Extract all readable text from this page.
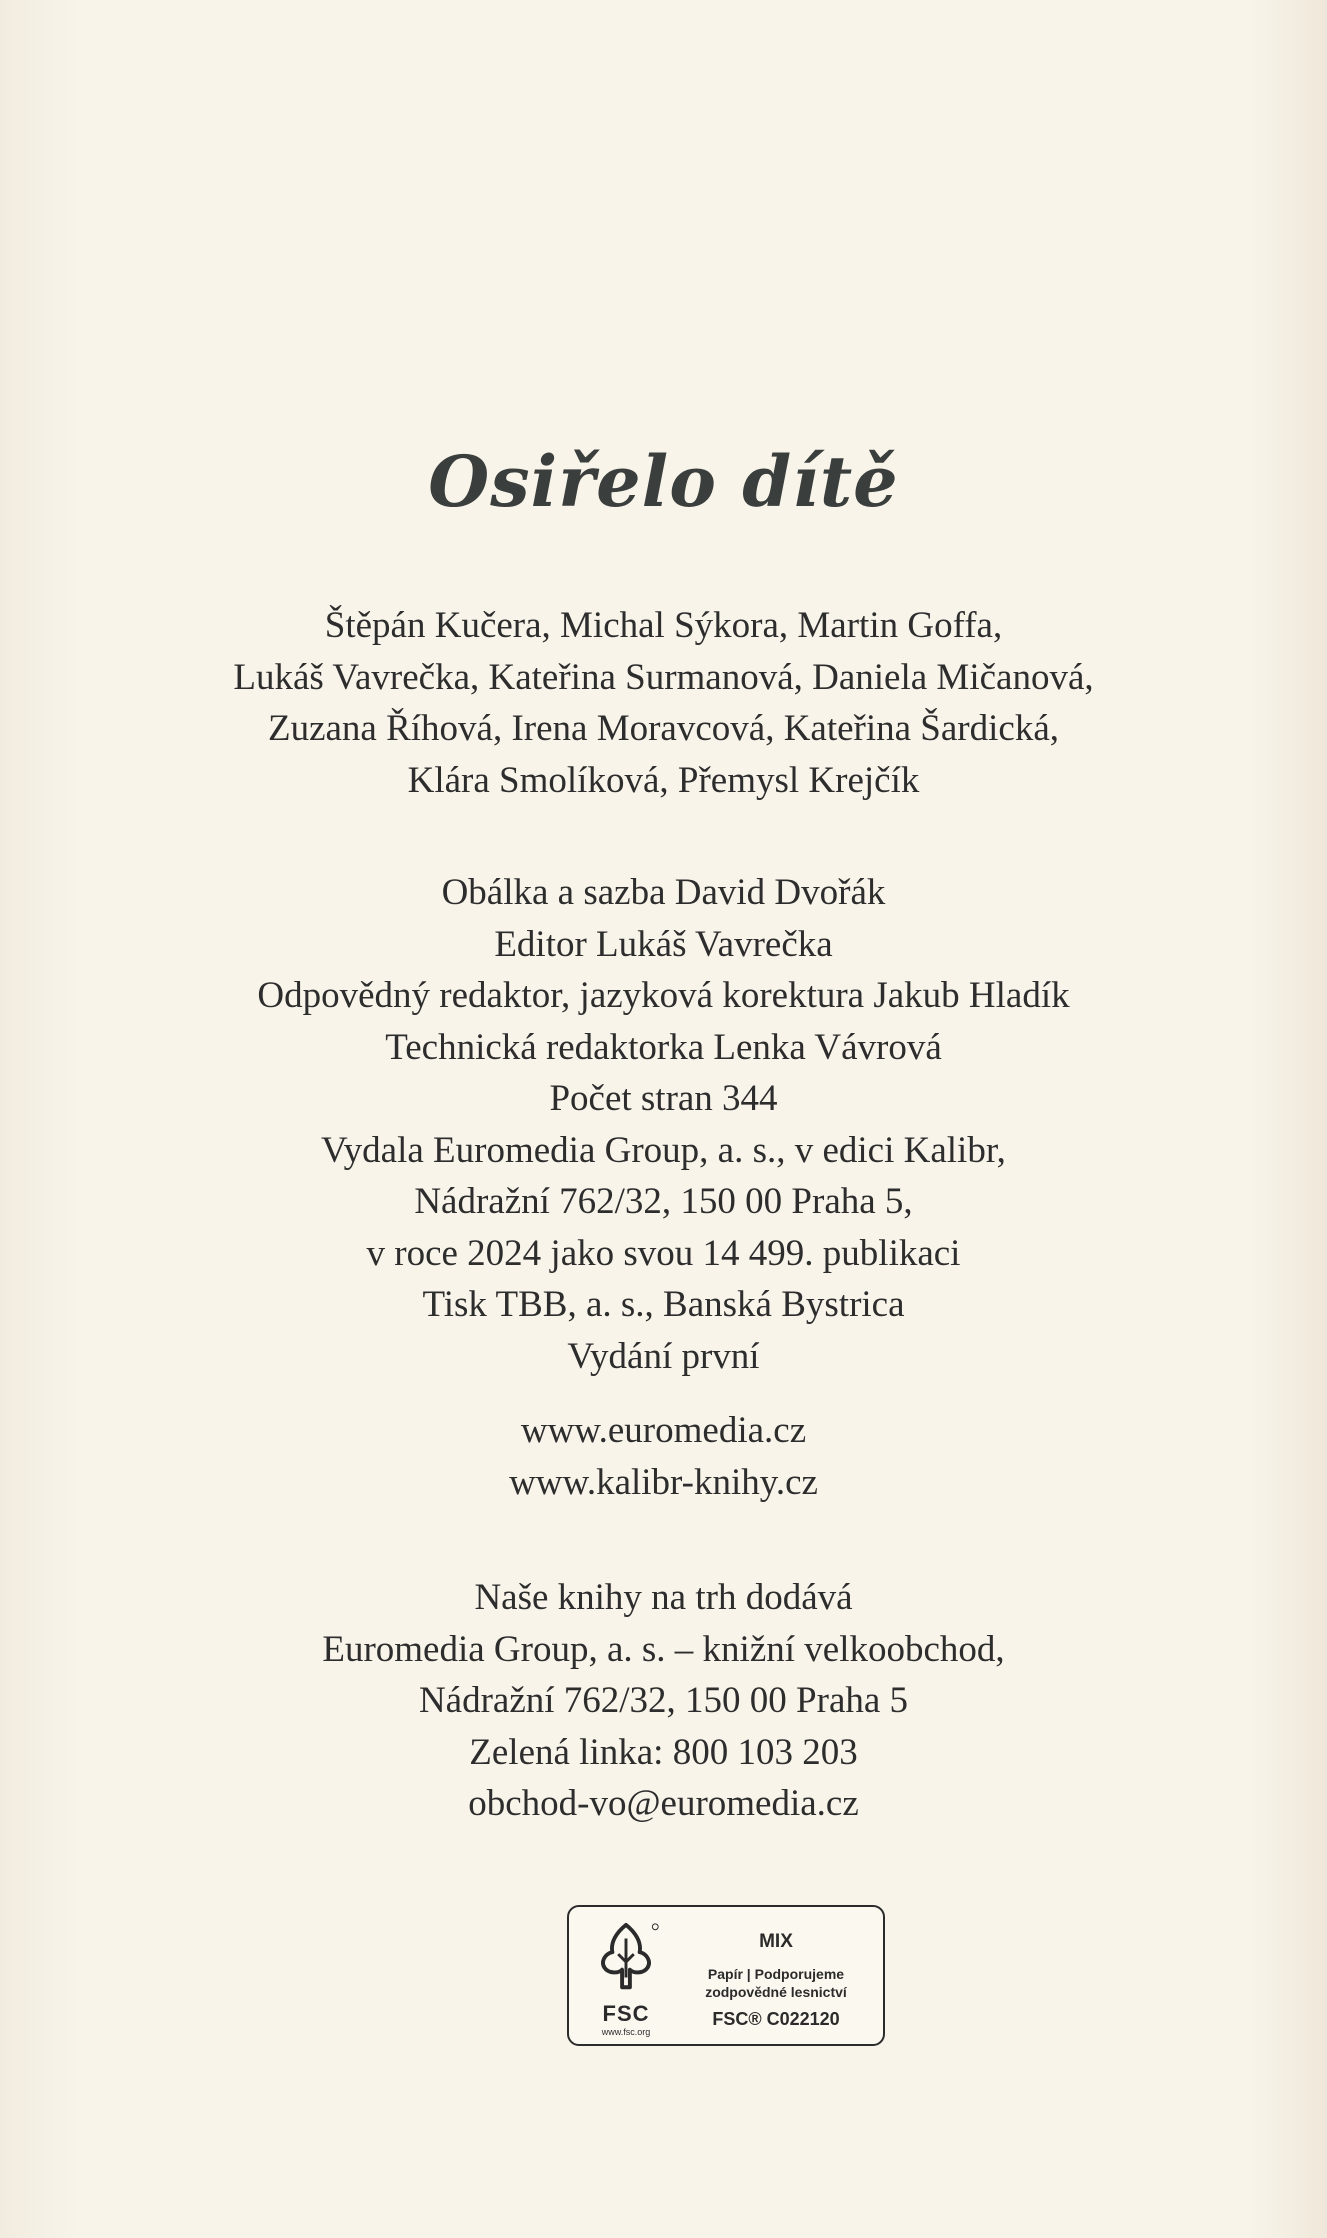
Osiřelo dítě
Štěpán Kučera, Michal Sýkora, Martin Goffa,
Lukáš Vavrečka, Kateřina Surmanová, Daniela Mičanová,
Zuzana Říhová, Irena Moravcová, Kateřina Šardická,
Klára Smolíková, Přemysl Krejčík
Obálka a sazba David Dvořák
Editor Lukáš Vavrečka
Odpovědný redaktor, jazyková korektura Jakub Hladík
Technická redaktorka Lenka Vávrová
Počet stran 344
Vydala Euromedia Group, a. s., v edici Kalibr,
Nádražní 762/32, 150 00 Praha 5,
v roce 2024 jako svou 14 499. publikaci
Tisk TBB, a. s., Banská Bystrica
Vydání první
www.euromedia.cz
www.kalibr-knihy.cz
Naše knihy na trh dodává
Euromedia Group, a. s. – knižní velkoobchod,
Nádražní 762/32, 150 00 Praha 5
Zelená linka: 800 103 203
obchod-vo@euromedia.cz
FSC
www.fsc.org
MIX
Papír | Podporujeme
zodpovědné lesnictví
FSC® C022120
